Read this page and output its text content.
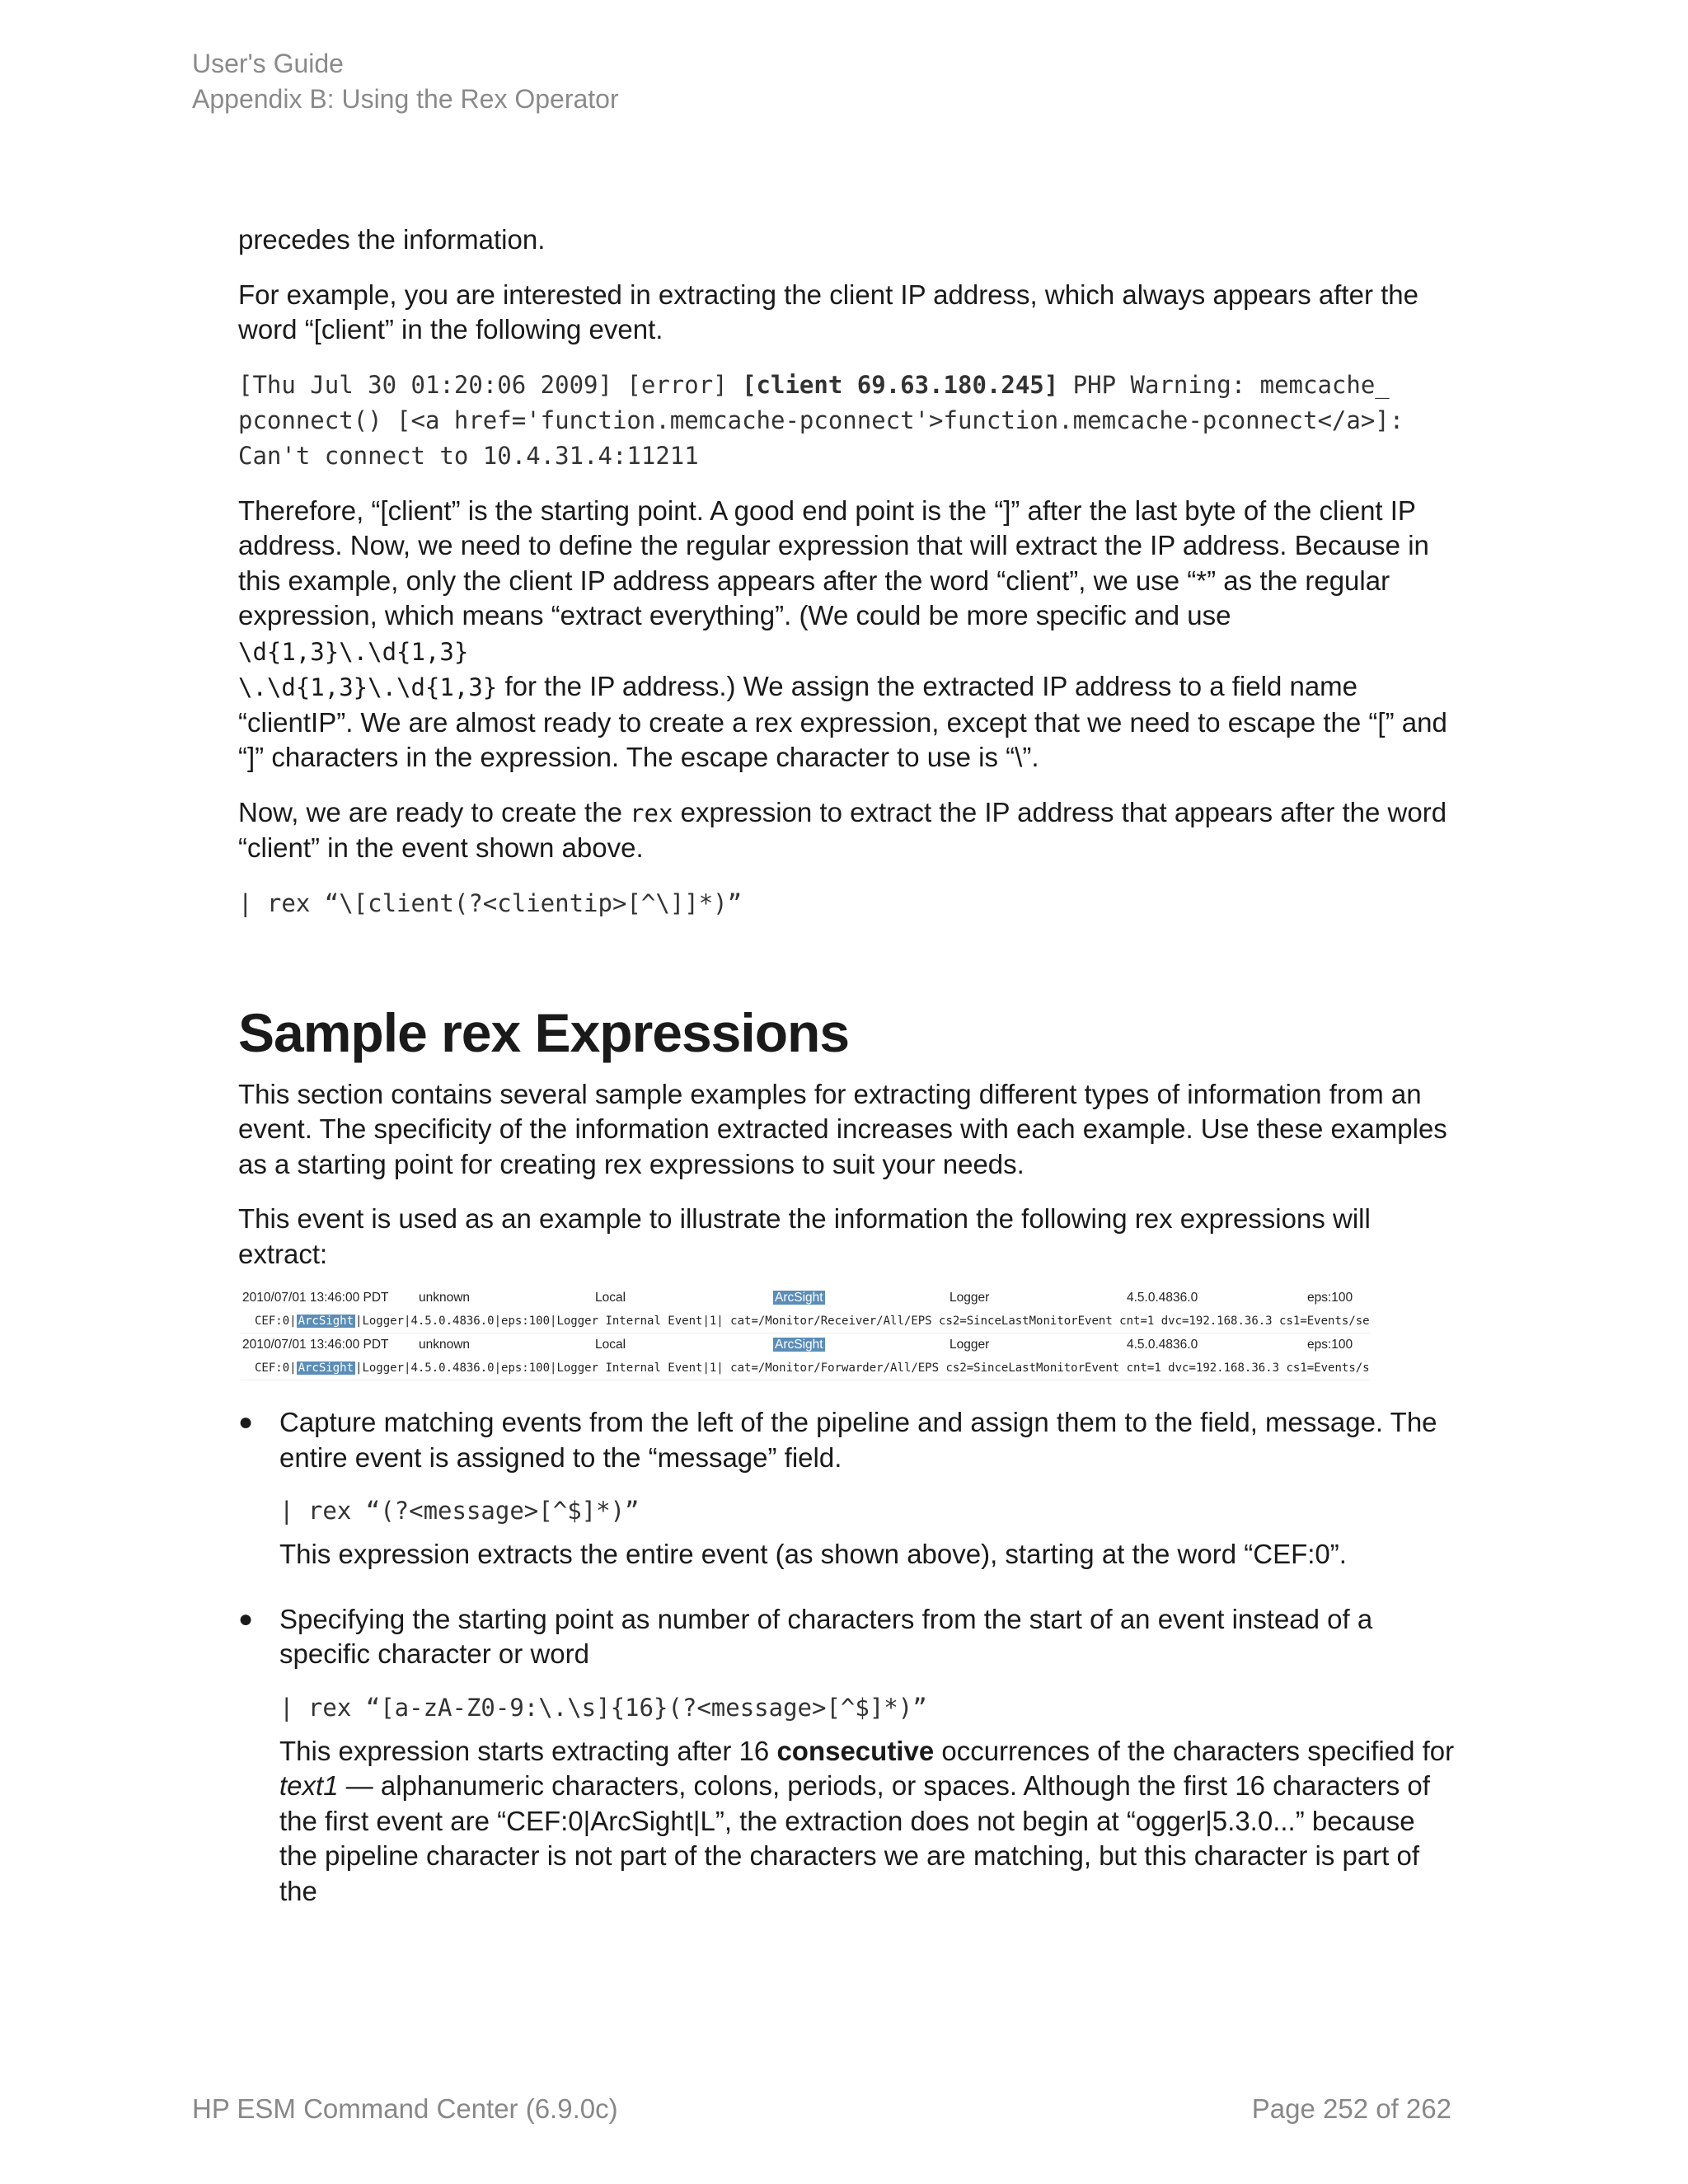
User's Guide
Appendix B: Using the Rex Operator

precedes the information.

For example, you are interested in extracting the client IP address, which always appears after the word “[client” in the following event.

[Thu Jul 30 01:20:06 2009] [error] [client 69.63.180.245] PHP Warning: memcache_
pconnect() [<a href='function.memcache-pconnect'>function.memcache-pconnect</a>]:
Can't connect to 10.4.31.4:11211

Therefore, “[client” is the starting point. A good end point is the “]” after the last byte of the client IP address. Now, we need to define the regular expression that will extract the IP address. Because in this example, only the client IP address appears after the word “client”, we use “*” as the regular expression, which means “extract everything”. (We could be more specific and use \d{1,3}\.\d{1,3}
\.\d{1,3}\.\d{1,3} for the IP address.) We assign the extracted IP address to a field name “clientIP”. We are almost ready to create a rex expression, except that we need to escape the “[” and “]” characters in the expression. The escape character to use is “\”.

Now, we are ready to create the rex expression to extract the IP address that appears after the word “client” in the event shown above.

| rex “\[client(?<clientip>[^\]]*)”
Sample rex Expressions

This section contains several sample examples for extracting different types of information from an event. The specificity of the information extracted increases with each example. Use these examples as a starting point for creating rex expressions to suit your needs.

This event is used as an example to illustrate the information the following rex expressions will extract:

2010/07/01 13:46:00 PDT	unknown	Local	ArcSight	Logger	4.5.0.4836.0	eps:100
CEF:0| ArcSight |Logger|4.5.0.4836.0|eps:100|Logger Internal Event|1| cat=/Monitor/Receiver/All/EPS cs2=SinceLastMonitorEvent cnt=1 dvc=192.168.36.3 cs1=Events/se
2010/07/01 13:46:00 PDT	unknown	Local	ArcSight	Logger	4.5.0.4836.0	eps:100
CEF:0| ArcSight |Logger|4.5.0.4836.0|eps:100|Logger Internal Event|1| cat=/Monitor/Forwarder/All/EPS cs2=SinceLastMonitorEvent cnt=1 dvc=192.168.36.3 cs1=Events/s
● Capture matching events from the left of the pipeline and assign them to the field, message. The entire event is assigned to the “message” field.

| rex “(?<message>[^$]*)”

This expression extracts the entire event (as shown above), starting at the word “CEF:0”.

● Specifying the starting point as number of characters from the start of an event instead of a specific character or word

| rex “[a-zA-Z0-9:\.\s]{16}(?<message>[^$]*)”

This expression starts extracting after 16 consecutive occurrences of the characters specified for text1 — alphanumeric characters, colons, periods, or spaces. Although the first 16 characters of the first event are “CEF:0|ArcSight|L”, the extraction does not begin at “ogger|5.3.0...” because the pipeline character is not part of the characters we are matching, but this character is part of the

HP ESM Command Center (6.9.0c)	Page 252 of 262
